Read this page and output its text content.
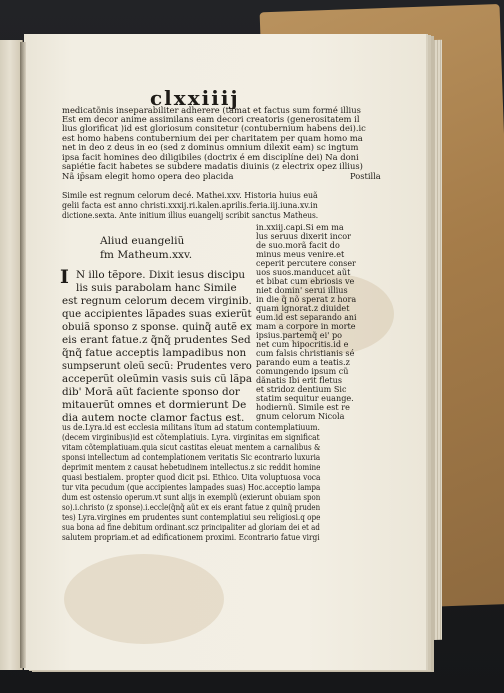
clxxiiij

medicatõnis inseparabiliter adherere (tamat et factus sum formé illius

Est em decor anime assimilans eam decori creatoris (generositatem il

lius glorificat )id est gloriosum consitetur (contubernium habens dei).ic

est homo habens contubernium dei per charitatem per quam homo ma

net in deo z deus in eo (sed z dominus omnium dilexit eam) sc ingtum

ipsa facit homines deo diligibiles (doctrix é em disciplíne dei) Na doni

sapiétie facit habetes se subdere madatis diuinis (z electrix opez illius)

Nã ip̄sam elegit homo opera deo placida	Postilla

Simile est regnum celorum decé. Mathei.xxv. Historia huius euã

gelii facta est anno christi.xxxij.ri.kalen.aprilis.feria.iij.iuna.xv.in

dictione.sexta. Ante initium illius euangelij scribit sanctus Matheus.

Aliud euangeliũ

fm Matheum.xxv.

I N illo tẽpore. Dixit iesus discipu

lis suis parabolam hanc Simile

est regnum celorum decem virginib.

que accipientes lãpades suas exierũt

obuiã sponso z sponse. quinq̃ autẽ ex

eis erant fatue.z q̃nq̃ prudentes Sed

q̃nq̃ fatue acceptis lampadibus non

sumpserunt oleũ secũ: Prudentes vero

acceperũt oleũmin vasis suis cũ lãpa

dib' Morã aũt faciente sponso dor

mitauerũt omnes et dormierunt De

dia autem nocte clamor factus est.

in.xxiij.capi.Si em ma

lus seruus dixerit incor

de suo.morã facit do

minus meus venire.et

ceperit percutere conser

uos suos.manducet aũt

et bibat cum ebriosis ve

niet domin' serui illius

in die q̃ nõ sperat z hora

quam ignorat.z diuidet

eum.id est separando ani

mam a corpore in morte

ipsius.partemq̃ ei' po

net cum hipocritis.id e

cum falsis christianis sé

parando eum a teatis.z

comungendo ipsum cũ

dãnatis Ibi erit fletus

et stridoz dentium Sic

statim sequitur euange.

hodiernũ. Simile est re

gnum celorum Nicola

us de.Lyra.id est ecclesia militans ĩtum ad statum contemplatiuum.

(decem virginibus)id est cõtemplatiuis. Lyra. virginitas em significat

vitam cõtemplatiuam.quia sicut castitas eleuat mentem a carnalibus &

sponsi intellectum ad contemplationem veritatis Sic econtrario luxuria

deprimit mentem z causat hebetudinem intellectus.z sic reddit homine

quasi bestialem. propter quod dicit psi. Ethico. Uita voluptuosa voca

tur vita pecudum (que accipientes lampades suas) Hoc.acceptio lampa

dum est ostensio operum.vt sunt alijs in exemplũ (exierunt obuiam spon

so).i.christo (z sponse).i.eccle(q̃nq̃ aũt ex eis erant fatue z quinq̃ pruden

tes) Lyra.virgines em prudentes sunt contemplatiui seu religiosi.q ope

sua bona ad fine debitum ordinant.scz principaliter ad gloriam dei et ad

salutem propriam.et ad edificationem proximi. Econtrario fatue virgi
